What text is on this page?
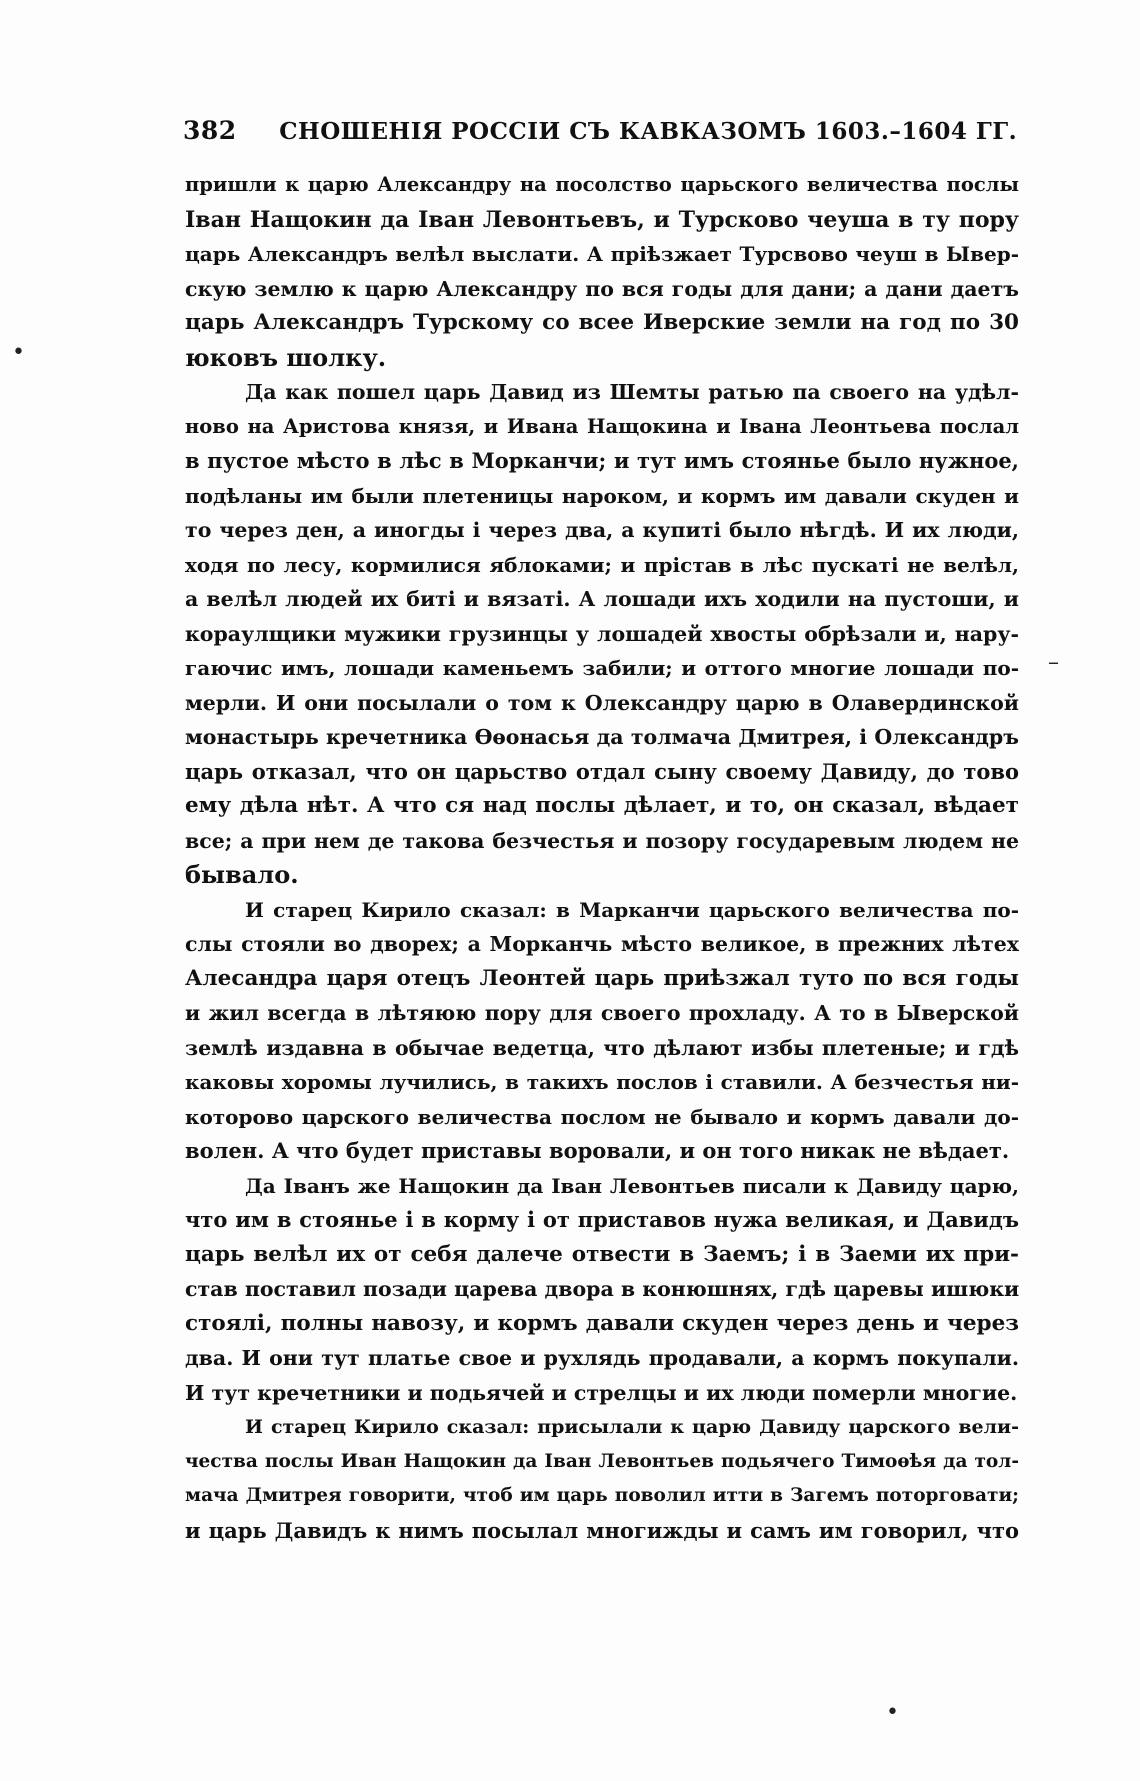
382 СНОШЕНІЯ РОССІИ СЪ КАВКАЗОМЪ 1603.–1604 ГГ.
пришли к царю Александру на посолство царьского величества послы
Іван Нащокин да Іван Левонтьевъ, и Турсково чеуша в ту пору
царь Александръ велѣл выслати. А пріѣзжает Турсвово чеуш в Ывер-
скую землю к царю Александру по вся годы для дани; а дани даетъ
царь Александръ Турскому со всее Иверские земли на год по 30
юковъ шолку.
Да как пошел царь Давид из Шемты ратью па своего на удѣл-
ново на Аристова князя, и Ивана Нащокина и Івана Леонтьева послал
в пустое мѣсто в лѣс в Морканчи; и тут имъ стоянье было нужное,
подѣланы им были плетеницы нароком, и кормъ им давали скуден и
то через ден, а иногды і через два, а купиті было нѣгдѣ. И их люди,
ходя по лесу, кормилися яблоками; и прістав в лѣс пускаті не велѣл,
а велѣл людей их биті и вязаті. А лошади ихъ ходили на пустоши, и
кораулщики мужики грузинцы у лошадей хвосты обрѣзали и, нару-
гаючис имъ, лошади каменьемъ забили; и оттого многие лошади по-
мерли. И они посылали о том к Олександру царю в Олавердинской
монастырь кречетника Ѳѳонасья да толмача Дмитрея, і Олександръ
царь отказал, что он царьство отдал сыну своему Давиду, до тово
ему дѣла нѣт. А что ся над послы дѣлает, и то, он сказал, вѣдает
все; а при нем де такова безчестья и позору государевым людем не
бывало.
И старец Кирило сказал: в Марканчи царьского величества по-
слы стояли во дворех; а Морканчь мѣсто великое, в прежних лѣтех
Алесандра царя отецъ Леонтей царь приѣзжал туто по вся годы
и жил всегда в лѣтяюю пору для своего прохладу. А то в Ыверской
землѣ издавна в обычае ведетца, что дѣлают избы плетеные; и гдѣ
каковы хоромы лучились, в такихъ послов і ставили. А безчестья ни-
которово царского величества послом не бывало и кормъ давали до-
волен. А что будет приставы воровали, и он того никак не вѣдает.
Да Іванъ же Нащокин да Іван Левонтьев писали к Давиду царю,
что им в стоянье і в корму і от приставов нужа великая, и Давидъ
царь велѣл их от себя далече отвести в Заемъ; і в Заеми их при-
став поставил позади царева двора в конюшнях, гдѣ царевы ишюки
стоялі, полны навозу, и кормъ давали скуден через день и через
два. И они тут платье свое и рухлядь продавали, а кормъ покупали.
И тут кречетники и подьячей и стрелцы и их люди померли многие.
И старец Кирило сказал: присылали к царю Давиду царского вели-
чества послы Иван Нащокин да Іван Левонтьев подьячего Тимоѳѣя да тол-
мача Дмитрея говорити, чтоб им царь поволил итти в Загемъ поторговати;
и царь Давидъ к нимъ посылал многижды и самъ им говорил, что
•
–
•
